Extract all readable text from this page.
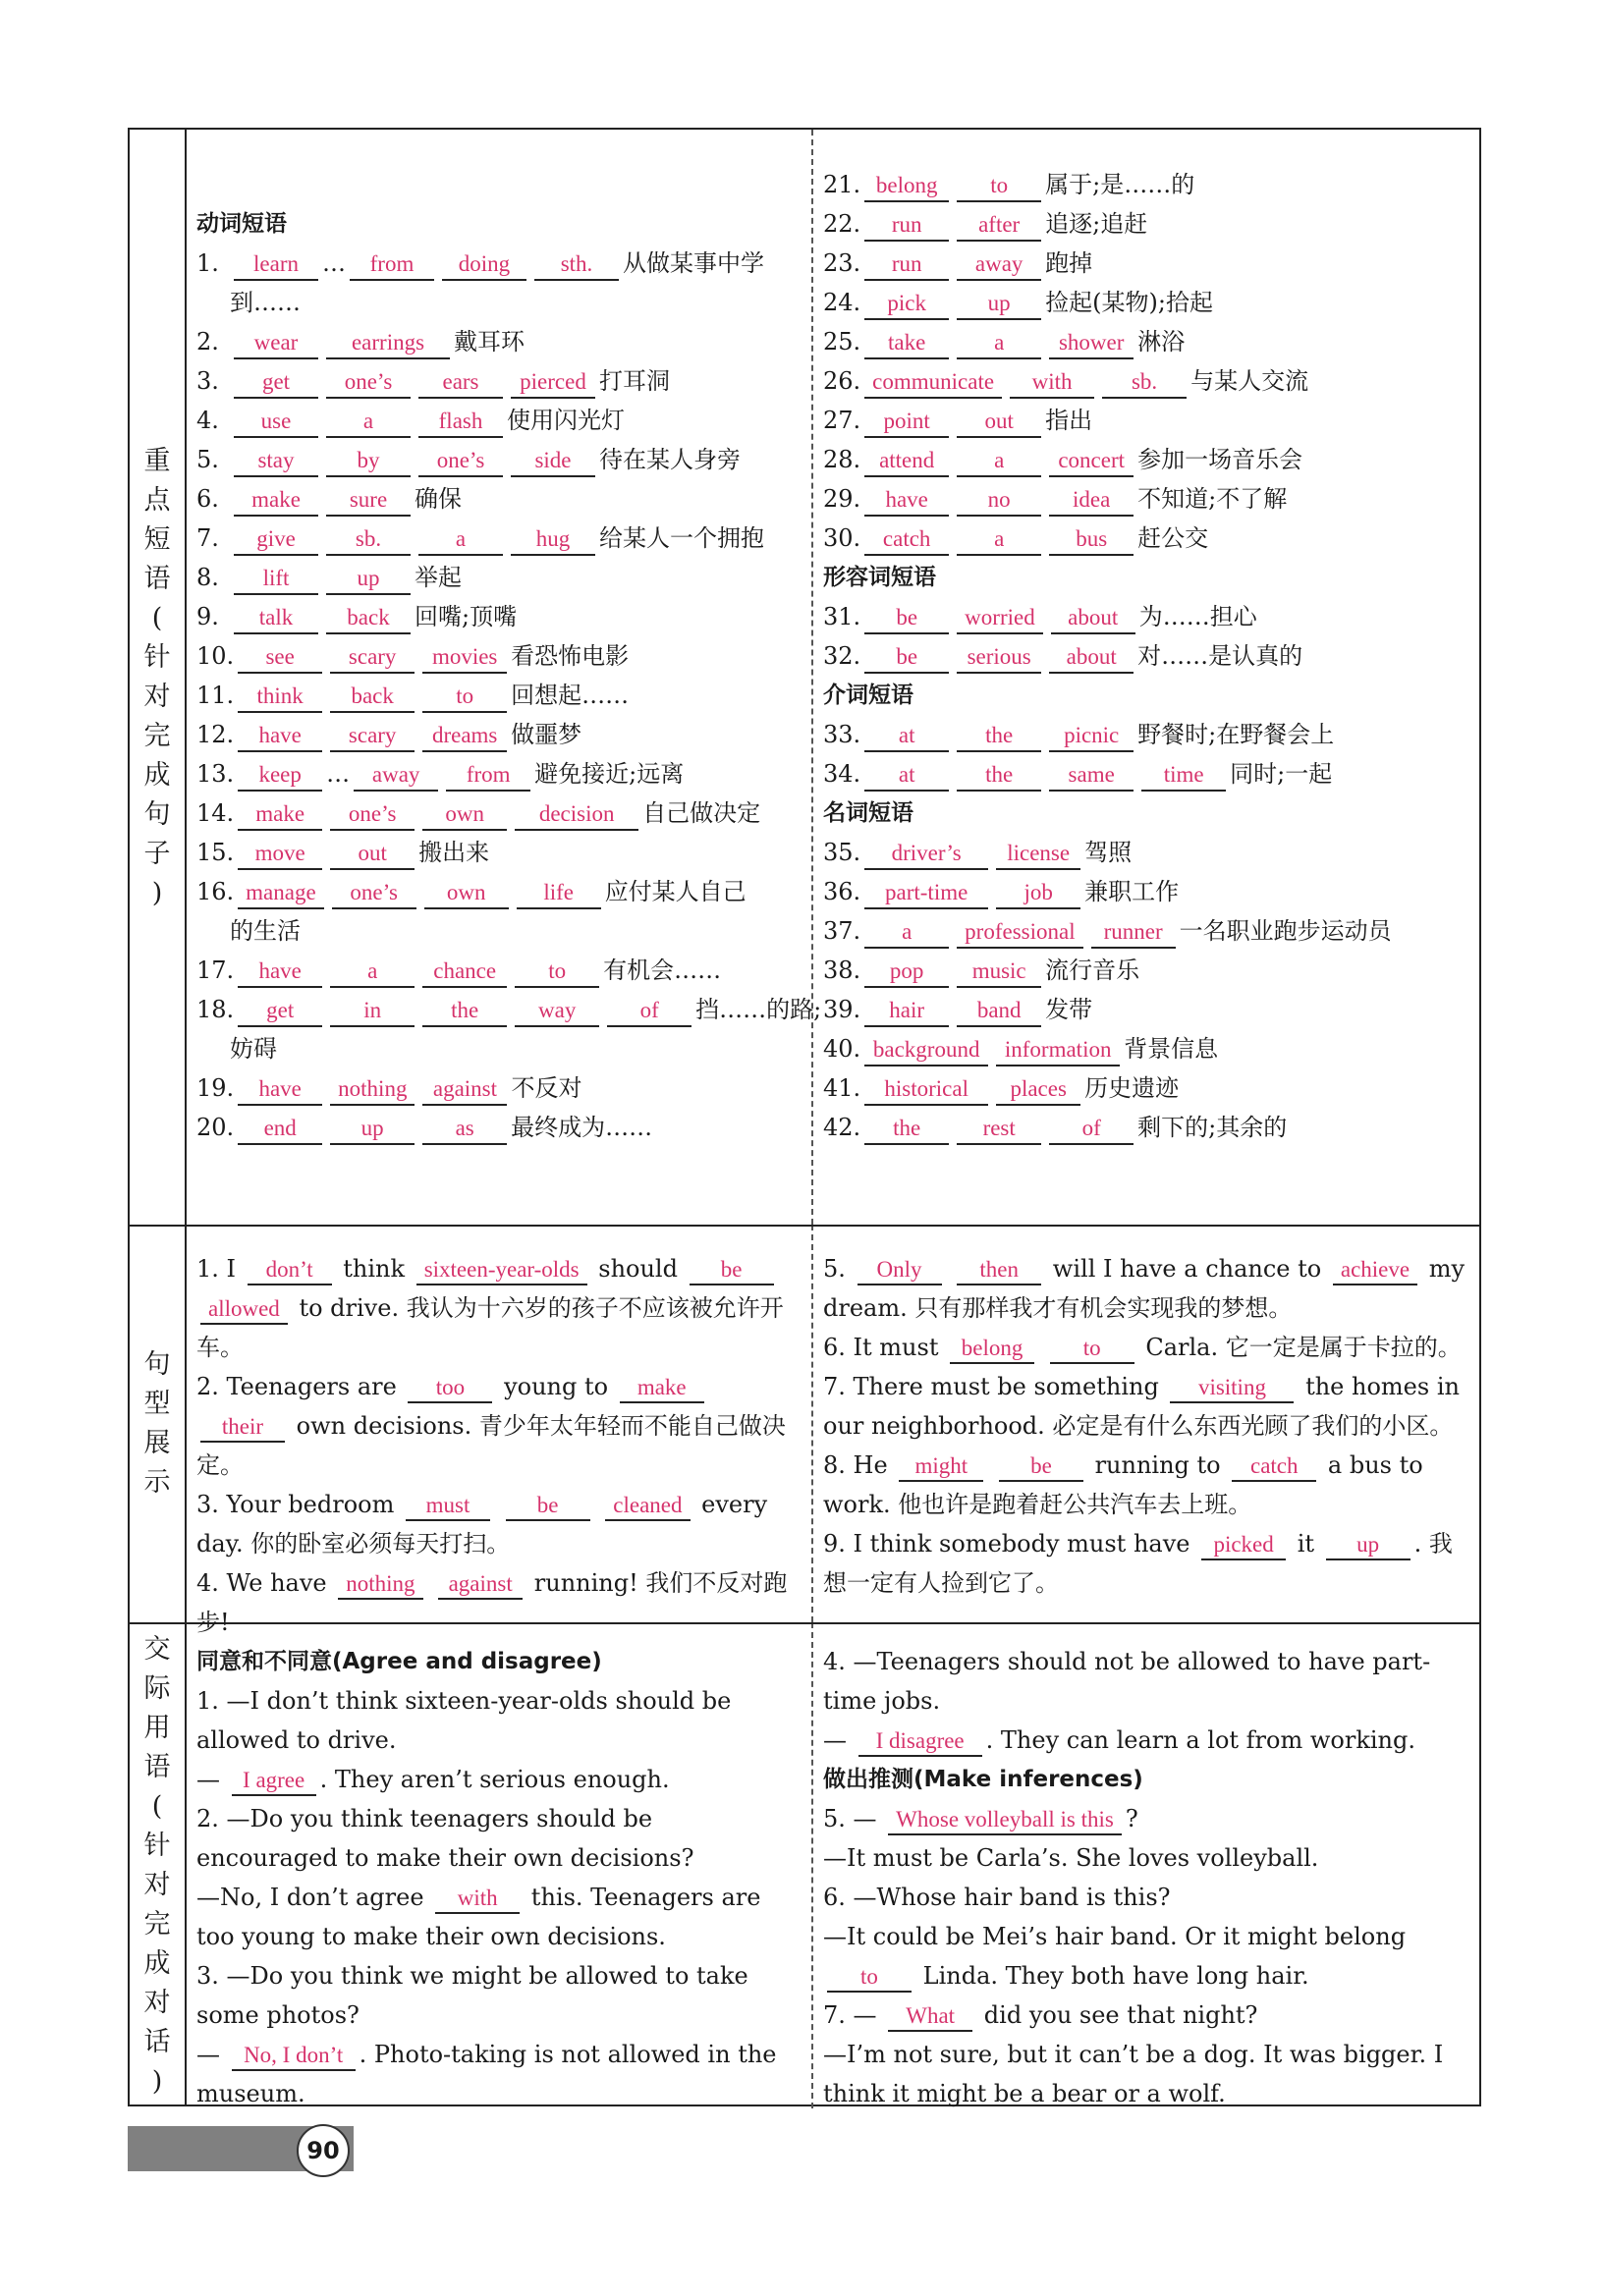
重
点
短
语
(
针
对
完
成
句
子
)
句
型
展
示
交
际
用
语
(
针
对
完
成
对
话
)
动词短语
1. learn … from doing sth. 从做某事中学
到……
2. wear earrings 戴耳环
3. get one’s ears pierced 打耳洞
4. use	a	flash 使用闪光灯
5. stay	by	one’s side 待在某人身旁
6. make sure 确保
7. give	sb.	a	hug 给某人一个拥抱
8. lift	up 举起
9. talk back 回嘴;顶嘴
10. see scary movies 看恐怖电影
11. think back	to 回想起……
12. have scary dreams 做噩梦
13. keep … away from 避免接近;远离
14. make one’s own decision 自己做决定
15. move out 搬出来
16. manage one’s own	life 应付某人自己
的生活
17. have	a chance to 有机会……
18. get	in	the	way	of 挡……的路;
妨碍
19. have nothing against 不反对
20. end	up	as 最终成为……
21. belong to 属于;是……的
22. run	after 追逐;追赶
23. run away 跑掉
24. pick	up 捡起(某物);拾起
25. take	a shower 淋浴
26. communicate with	sb. 与某人交流
27. point out 指出
28. attend	a concert 参加一场音乐会
29. have	no	idea 不知道;不了解
30. catch	a	bus 赶公交
形容词短语
31. be worried about 为……担心
32. be serious about 对……是认真的
介词短语
33. at	the picnic 野餐时;在野餐会上
34. at	the same time 同时;一起
名词短语
35. driver’s license 驾照
36. part-time job 兼职工作
37. a professional runner 一名职业跑步运动员
38. pop music 流行音乐
39. hair band 发带
40. background information 背景信息
41. historical places 历史遗迹
42. the	rest	of 剩下的;其余的
1. I don’t think sixteen-year-olds should be allowed to drive. 我认为十六岁的孩子不应该被允许开车。
2. Teenagers are too young to make their own decisions. 青少年太年轻而不能自己做决定。
3. Your bedroom must	be cleaned every day. 你的卧室必须每天打扫。
4. We have nothing against running! 我们不反对跑步!
5. Only	then will I have a chance to achieve my dream. 只有那样我才有机会实现我的梦想。
6. It must belong	to Carla. 它一定是属于卡拉的。
7. There must be something visiting the homes in our neighborhood. 必定是有什么东西光顾了我们的小区。
8. He might	be running to catch a bus to work. 他也许是跑着赶公共汽车去上班。
9. I think somebody must have picked it up . 我想一定有人捡到它了。
同意和不同意(Agree and disagree)
1. —I don’t think sixteen-year-olds should be allowed to drive.
— I agree . They aren’t serious enough.
2. —Do you think teenagers should be encouraged to make their own decisions?
—No, I don’t agree with this. Teenagers are too young to make their own decisions.
3. —Do you think we might be allowed to take some photos?
— No, I don’t . Photo-taking is not allowed in the museum.
4. —Teenagers should not be allowed to have part-time jobs.
— I disagree . They can learn a lot from working.
做出推测(Make inferences)
5. — Whose volleyball is this ?
—It must be Carla’s. She loves volleyball.
6. —Whose hair band is this?
—It could be Mei’s hair band. Or it might belong to Linda. They both have long hair.
7. — What did you see that night?
—I’m not sure, but it can’t be a dog. It was bigger. I think it might be a bear or a wolf.
90
